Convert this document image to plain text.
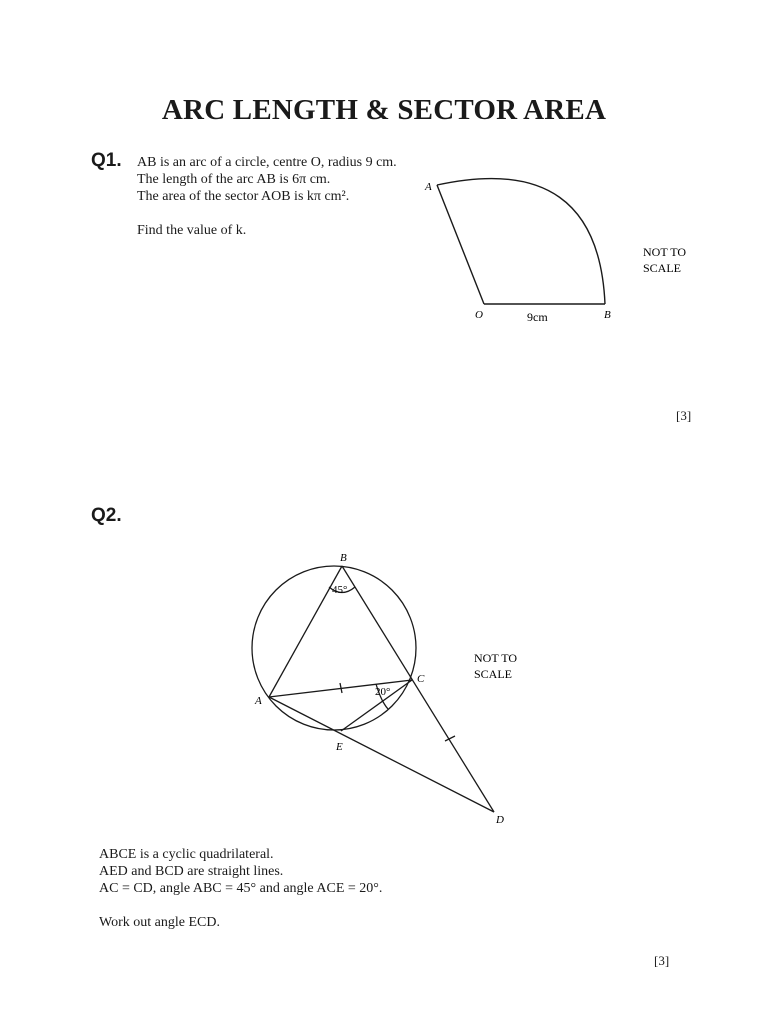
ARC LENGTH & SECTOR AREA
Q1. AB is an arc of a circle, centre O, radius 9 cm.
The length of the arc AB is 6π cm.
The area of the sector AOB is kπ cm².
Find the value of k.
A
O	B
9cm
NOT TO
SCALE
[3]
Q2.
B
A
C
E
D
45°
20°
NOT TO
SCALE
ABCE is a cyclic quadrilateral.
AED and BCD are straight lines.
AC = CD, angle ABC = 45° and angle ACE = 20°.
Work out angle ECD.
[3]
